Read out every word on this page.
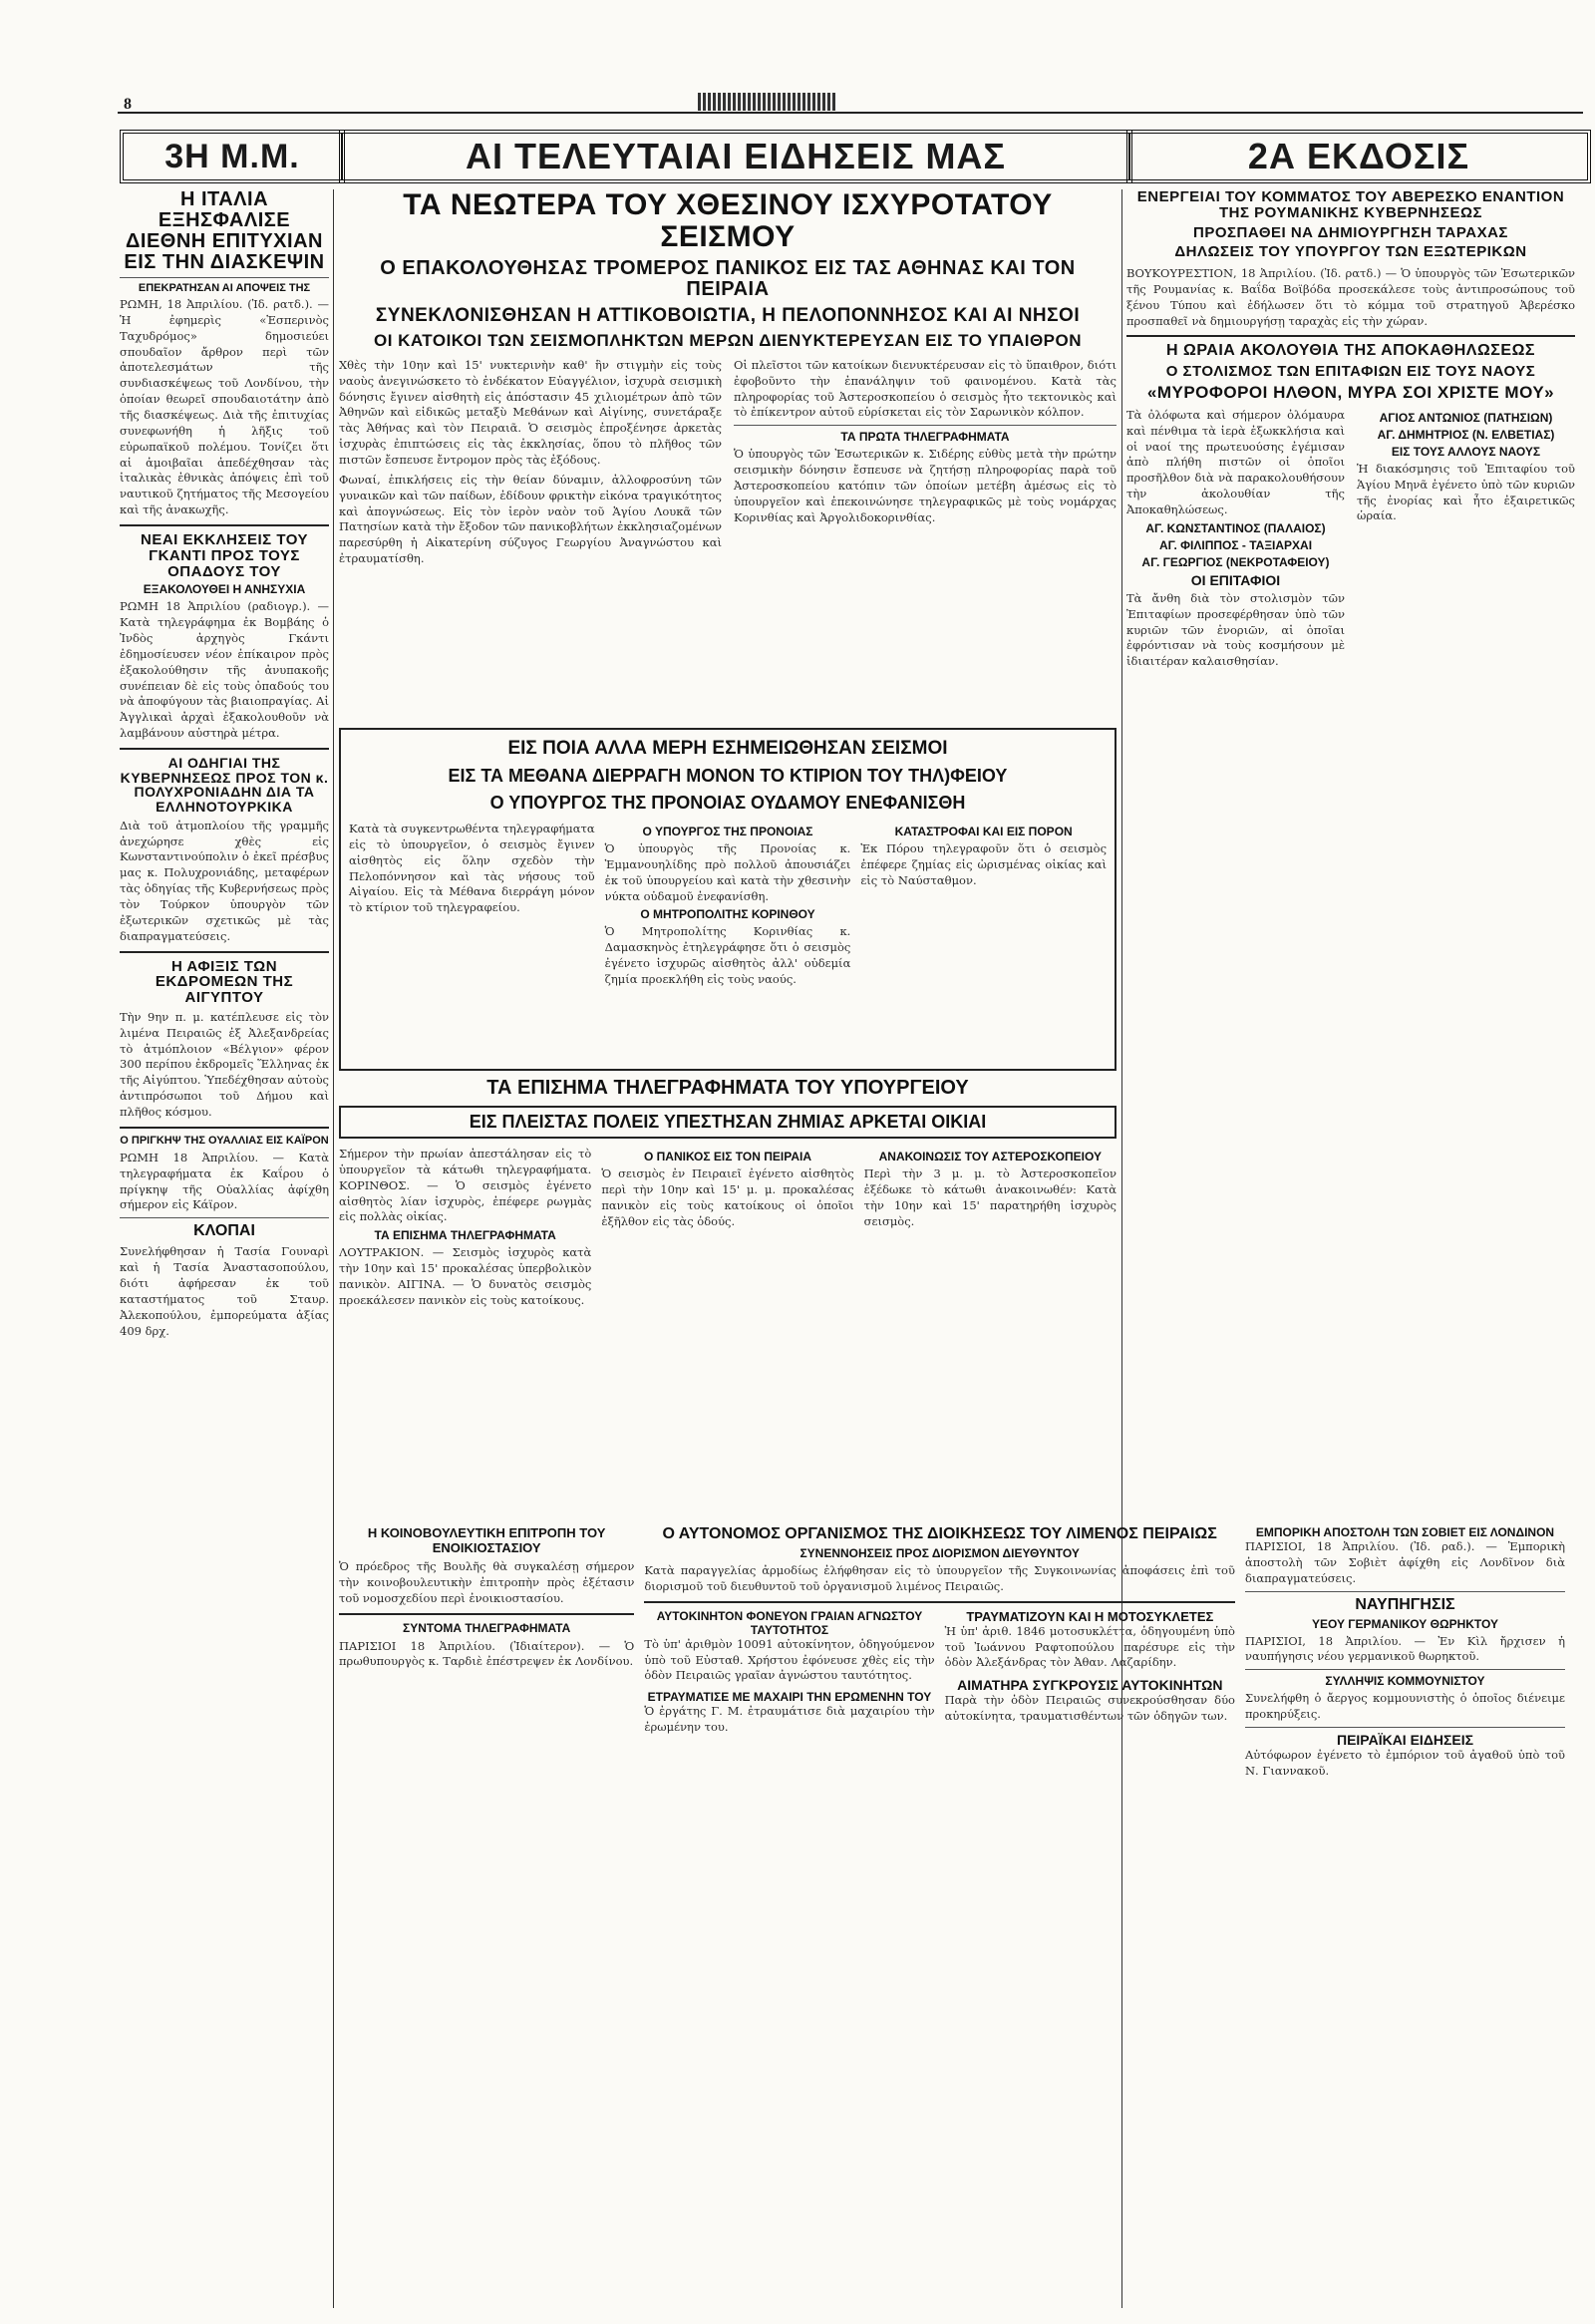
8
3Η Μ.Μ.	ΑΙ ΤΕΛΕΥΤΑΙΑΙ ΕΙΔΗΣΕΙΣ ΜΑΣ	2Α ΕΚΔΟΣΙΣ

Η ΙΤΑΛΙΑ ΕΞΗΣΦΑΛΙΣΕ ΔΙΕΘΝΗ ΕΠΙΤΥΧΙΑΝ ΕΙΣ ΤΗΝ ΔΙΑΣΚΕΨΙΝ

ΕΠΕΚΡΑΤΗΣΑΝ ΑΙ ΑΠΟΨΕΙΣ ΤΗΣ

ΡΩΜΗ, 18 Ἀπριλίου. (Ἰδ. ρατδ.). — Ἡ ἐφημερὶς «Ἑσπερινὸς Ταχυδρόμος» δημοσιεύει σπουδαῖον ἄρθρον περὶ τῶν ἀποτελεσμάτων τῆς συνδιασκέψεως τοῦ Λονδίνου, τὴν ὁποίαν θεωρεῖ σπουδαιοτάτην ἀπὸ τῆς διασκέψεως. Διὰ τῆς ἐπιτυχίας συνεφωνήθη ἡ λῆξις τοῦ εὐρωπαϊκοῦ πολέμου. Τονίζει ὅτι αἱ ἀμοιβαῖαι ἀπεδέχθησαν τὰς ἰταλικὰς ἐθνικὰς ἀπόψεις ἐπὶ τοῦ ναυτικοῦ ζητήματος τῆς Μεσογείου καὶ τῆς ἀνακωχῆς.

ΝΕΑΙ ΕΚΚΛΗΣΕΙΣ ΤΟΥ ΓΚΑΝΤΙ ΠΡΟΣ ΤΟΥΣ ΟΠΑΔΟΥΣ ΤΟΥ

ΕΞΑΚΟΛΟΥΘΕΙ Η ΑΝΗΣΥΧΙΑ

ΡΩΜΗ 18 Ἀπριλίου (ραδιογρ.). — Κατὰ τηλεγράφημα ἐκ Βομβάης ὁ Ἰνδὸς ἀρχηγὸς Γκάντι ἐδημοσίευσεν νέον ἐπίκαιρον πρὸς ἐξακολούθησιν τῆς ἀνυπακοῆς συνέπειαν δὲ εἰς τοὺς ὀπαδούς του νὰ ἀποφύγουν τὰς βιαιοπραγίας. Αἱ Ἀγγλικαὶ ἀρχαὶ ἐξακολουθοῦν νὰ λαμβάνουν αὐστηρὰ μέτρα.

ΑΙ ΟΔΗΓΙΑΙ ΤΗΣ ΚΥΒΕΡΝΗΣΕΩΣ ΠΡΟΣ ΤΟΝ κ. ΠΟΛΥΧΡΟΝΙΑΔΗΝ ΔΙΑ ΤΑ ΕΛΛΗΝΟΤΟΥΡΚΙΚΑ

Διὰ τοῦ ἀτμοπλοίου τῆς γραμμῆς ἀνεχώρησε χθὲς εἰς Κωνσταντινούπολιν ὁ ἐκεῖ πρέσβυς μας κ. Πολυχρονιάδης, μεταφέρων τὰς ὁδηγίας τῆς Κυβερνήσεως πρὸς τὸν Τούρκον ὑπουργὸν τῶν ἐξωτερικῶν σχετικῶς μὲ τὰς διαπραγματεύσεις.

Η ΑΦΙΞΙΣ ΤΩΝ ΕΚΔΡΟΜΕΩΝ ΤΗΣ ΑΙΓΥΠΤΟΥ

Τὴν 9ην π. μ. κατέπλευσε εἰς τὸν λιμένα Πειραιῶς ἐξ Ἀλεξανδρείας τὸ ἀτμόπλοιον «Βέλγιον» φέρον 300 περίπου ἐκδρομεῖς Ἕλληνας ἐκ τῆς Αἰγύπτου. Ὑπεδέχθησαν αὐτοὺς ἀντιπρόσωποι τοῦ Δήμου καὶ πλῆθος κόσμου.

Ο ΠΡΙΓΚΗΨ ΤΗΣ ΟΥΑΛΛΙΑΣ ΕΙΣ ΚΑΪΡΟΝ

ΡΩΜΗ 18 Ἀπριλίου. — Κατὰ τηλεγραφήματα ἐκ Καΐρου ὁ πρίγκηψ τῆς Οὐαλλίας ἀφίχθη σήμερον εἰς Κάϊρον.

ΚΛΟΠΑΙ

Συνελήφθησαν ἡ Τασία Γουναρὶ καὶ ἡ Τασία Ἀναστασοπούλου, διότι ἀφήρεσαν ἐκ τοῦ καταστήματος τοῦ Σταυρ. Ἀλεκοπούλου, ἐμπορεύματα ἀξίας 409 δρχ.

ΤΑ ΝΕΩΤΕΡΑ ΤΟΥ ΧΘΕΣΙΝΟΥ ΙΣΧΥΡΟΤΑΤΟΥ ΣΕΙΣΜΟΥ

Ο ΕΠΑΚΟΛΟΥΘΗΣΑΣ ΤΡΟΜΕΡΟΣ ΠΑΝΙΚΟΣ ΕΙΣ ΤΑΣ ΑΘΗΝΑΣ ΚΑΙ ΤΟΝ ΠΕΙΡΑΙΑ

ΣΥΝΕΚΛΟΝΙΣΘΗΣΑΝ Η ΑΤΤΙΚΟΒΟΙΩΤΙΑ, Η ΠΕΛΟΠΟΝΝΗΣΟΣ ΚΑΙ ΑΙ ΝΗΣΟΙ

ΟΙ ΚΑΤΟΙΚΟΙ ΤΩΝ ΣΕΙΣΜΟΠΛΗΚΤΩΝ ΜΕΡΩΝ ΔΙΕΝΥΚΤΕΡΕΥΣΑΝ ΕΙΣ ΤΟ ΥΠΑΙΘΡΟΝ

Χθὲς τὴν 10ην καὶ 15' νυκτερινὴν καθ' ἣν στιγμὴν εἰς τοὺς ναοὺς ἀνεγινώσκετο τὸ ἐνδέκατον Εὐαγγέλιον, ἰσχυρὰ σεισμικὴ δόνησις ἔγινεν αἰσθητὴ εἰς ἀπόστασιν 45 χιλιομέτρων ἀπὸ τῶν Ἀθηνῶν καὶ εἰδικῶς μεταξὺ Μεθάνων καὶ Αἰγίνης, συνετάραξε τὰς Ἀθήνας καὶ τὸν Πειραιᾶ. Ὁ σεισμὸς ἐπροξένησε ἀρκετὰς ἰσχυρὰς ἐπιπτώσεις εἰς τὰς ἐκκλησίας, ὅπου τὸ πλῆθος τῶν πιστῶν ἔσπευσε ἔντρομον πρὸς τὰς ἐξόδους.

Φωναί, ἐπικλήσεις εἰς τὴν θείαν δύναμιν, ἀλλοφροσύνη τῶν γυναικῶν καὶ τῶν παίδων, ἐδίδουν φρικτὴν εἰκόνα τραγικότητος καὶ ἀπογνώσεως. Εἰς τὸν ἱερὸν ναὸν τοῦ Ἁγίου Λουκᾶ τῶν Πατησίων κατὰ τὴν ἔξοδον τῶν πανικοβλήτων ἐκκλησιαζομένων παρεσύρθη ἡ Αἰκατερίνη σύζυγος Γεωργίου Ἀναγνώστου καὶ ἐτραυματίσθη.

Οἱ πλεῖστοι τῶν κατοίκων διενυκτέρευσαν εἰς τὸ ὕπαιθρον, διότι ἐφοβοῦντο τὴν ἐπανάληψιν τοῦ φαινομένου. Κατὰ τὰς πληροφορίας τοῦ Ἀστεροσκοπείου ὁ σεισμὸς ἦτο τεκτονικὸς καὶ τὸ ἐπίκεντρον αὐτοῦ εὑρίσκεται εἰς τὸν Σαρωνικὸν κόλπον.

ΤΑ ΠΡΩΤΑ ΤΗΛΕΓΡΑΦΗΜΑΤΑ

Ὁ ὑπουργὸς τῶν Ἐσωτερικῶν κ. Σιδέρης εὐθὺς μετὰ τὴν πρώτην σεισμικὴν δόνησιν ἔσπευσε νὰ ζητήσῃ πληροφορίας παρὰ τοῦ Ἀστεροσκοπείου κατόπιν τῶν ὁποίων μετέβη ἀμέσως εἰς τὸ ὑπουργεῖον καὶ ἐπεκοινώνησε τηλεγραφικῶς μὲ τοὺς νομάρχας Κορινθίας καὶ Ἀργολιδοκορινθίας.

ΕΙΣ ΠΟΙΑ ΑΛΛΑ ΜΕΡΗ ΕΣΗΜΕΙΩΘΗΣΑΝ ΣΕΙΣΜΟΙ

ΕΙΣ ΤΑ ΜΕΘΑΝΑ ΔΙΕΡΡΑΓΗ ΜΟΝΟΝ ΤΟ ΚΤΙΡΙΟΝ ΤΟΥ ΤΗΛ)ΦΕΙΟΥ

Ο ΥΠΟΥΡΓΟΣ ΤΗΣ ΠΡΟΝΟΙΑΣ ΟΥΔΑΜΟΥ ΕΝΕΦΑΝΙΣΘΗ

Κατὰ τὰ συγκεντρωθέντα τηλεγραφήματα εἰς τὸ ὑπουργεῖον, ὁ σεισμὸς ἔγινεν αἰσθητὸς εἰς ὅλην σχεδὸν τὴν Πελοπόννησον καὶ τὰς νήσους τοῦ Αἰγαίου. Εἰς τὰ Μέθανα διερράγη μόνον τὸ κτίριον τοῦ τηλεγραφείου.

Ο ΥΠΟΥΡΓΟΣ ΤΗΣ ΠΡΟΝΟΙΑΣ

Ὁ ὑπουργὸς τῆς Προνοίας κ. Ἐμμανουηλίδης πρὸ πολλοῦ ἀπουσιάζει ἐκ τοῦ ὑπουργείου καὶ κατὰ τὴν χθεσινὴν νύκτα οὐδαμοῦ ἐνεφανίσθη.

Ο ΜΗΤΡΟΠΟΛΙΤΗΣ ΚΟΡΙΝΘΟΥ

Ὁ Μητροπολίτης Κορινθίας κ. Δαμασκηνὸς ἐτηλεγράφησε ὅτι ὁ σεισμὸς ἐγένετο ἰσχυρῶς αἰσθητὸς ἀλλ' οὐδεμία ζημία προεκλήθη εἰς τοὺς ναούς.

ΚΑΤΑΣΤΡΟΦΑΙ ΚΑΙ ΕΙΣ ΠΟΡΟΝ

Ἐκ Πόρου τηλεγραφοῦν ὅτι ὁ σεισμὸς ἐπέφερε ζημίας εἰς ὠρισμένας οἰκίας καὶ εἰς τὸ Ναύσταθμον.

ΤΑ ΕΠΙΣΗΜΑ ΤΗΛΕΓΡΑΦΗΜΑΤΑ ΤΟΥ ΥΠΟΥΡΓΕΙΟΥ

ΕΙΣ ΠΛΕΙΣΤΑΣ ΠΟΛΕΙΣ ΥΠΕΣΤΗΣΑΝ ΖΗΜΙΑΣ ΑΡΚΕΤΑΙ ΟΙΚΙΑΙ

Σήμερον τὴν πρωίαν ἀπεστάλησαν εἰς τὸ ὑπουργεῖον τὰ κάτωθι τηλεγραφήματα. ΚΟΡΙΝΘΟΣ. — Ὁ σεισμὸς ἐγένετο αἰσθητὸς λίαν ἰσχυρὸς, ἐπέφερε ρωγμὰς εἰς πολλὰς οἰκίας.

ΤΑ ΕΠΙΣΗΜΑ ΤΗΛΕΓΡΑΦΗΜΑΤΑ

ΛΟΥΤΡΑΚΙΟΝ. — Σεισμὸς ἰσχυρὸς κατὰ τὴν 10ην καὶ 15' προκαλέσας ὑπερβολικὸν πανικὸν. ΑΙΓΙΝΑ. — Ὁ δυνατὸς σεισμὸς προεκάλεσεν πανικὸν εἰς τοὺς κατοίκους.

Ο ΠΑΝΙΚΟΣ ΕΙΣ ΤΟΝ ΠΕΙΡΑΙΑ

Ὁ σεισμὸς ἐν Πειραιεῖ ἐγένετο αἰσθητὸς περὶ τὴν 10ην καὶ 15' μ. μ. προκαλέσας πανικὸν εἰς τοὺς κατοίκους οἱ ὁποῖοι ἐξῆλθον εἰς τὰς ὁδούς.

ΑΝΑΚΟΙΝΩΣΙΣ ΤΟΥ ΑΣΤΕΡΟΣΚΟΠΕΙΟΥ

Περὶ τὴν 3 μ. μ. τὸ Ἀστεροσκοπεῖον ἐξέδωκε τὸ κάτωθι ἀνακοινωθέν: Κατὰ τὴν 10ην καὶ 15' παρατηρήθη ἰσχυρὸς σεισμὸς.

ΕΝΕΡΓΕΙΑΙ ΤΟΥ ΚΟΜΜΑΤΟΣ ΤΟΥ ΑΒΕΡΕΣΚΟ ΕΝΑΝΤΙΟΝ ΤΗΣ ΡΟΥΜΑΝΙΚΗΣ ΚΥΒΕΡΝΗΣΕΩΣ

ΠΡΟΣΠΑΘΕΙ ΝΑ ΔΗΜΙΟΥΡΓΗΣΗ ΤΑΡΑΧΑΣ

ΔΗΛΩΣΕΙΣ ΤΟΥ ΥΠΟΥΡΓΟΥ ΤΩΝ ΕΞΩΤΕΡΙΚΩΝ

ΒΟΥΚΟΥΡΕΣΤΙΟΝ, 18 Ἀπριλίου. (Ἰδ. ρατδ.) — Ὁ ὑπουργὸς τῶν Ἐσωτερικῶν τῆς Ρουμανίας κ. Βαΐδα Βοϊβόδα προσεκάλεσε τοὺς ἀντιπροσώπους τοῦ ξένου Τύπου καὶ ἐδήλωσεν ὅτι τὸ κόμμα τοῦ στρατηγοῦ Ἀβερέσκο προσπαθεῖ νὰ δημιουργήσῃ ταραχὰς εἰς τὴν χώραν.

Η ΩΡΑΙΑ ΑΚΟΛΟΥΘΙΑ ΤΗΣ ΑΠΟΚΑΘΗΛΩΣΕΩΣ

Ο ΣΤΟΛΙΣΜΟΣ ΤΩΝ ΕΠΙΤΑΦΙΩΝ ΕΙΣ ΤΟΥΣ ΝΑΟΥΣ

«ΜΥΡΟΦΟΡΟΙ ΗΛΘΟΝ, ΜΥΡΑ ΣΟΙ ΧΡΙΣΤΕ ΜΟΥ»

Τὰ ὀλόφωτα καὶ σήμερον ὀλόμαυρα καὶ πένθιμα τὰ ἱερὰ ἐξωκκλήσια καὶ οἱ ναοί της πρωτευούσης ἐγέμισαν ἀπὸ πλήθη πιστῶν οἱ ὁποῖοι προσῆλθον διὰ νὰ παρακολουθήσουν τὴν ἀκολουθίαν τῆς Ἀποκαθηλώσεως.

ΑΓ. ΚΩΝΣΤΑΝΤΙΝΟΣ (ΠΑΛΑΙΟΣ)

ΑΓ. ΦΙΛΙΠΠΟΣ - ΤΑΞΙΑΡΧΑΙ

ΑΓ. ΓΕΩΡΓΙΟΣ (ΝΕΚΡΟΤΑΦΕΙΟΥ)

ΟΙ ΕΠΙΤΑΦΙΟΙ

Τὰ ἄνθη διὰ τὸν στολισμὸν τῶν Ἐπιταφίων προσεφέρθησαν ὑπὸ τῶν κυριῶν τῶν ἐνοριῶν, αἱ ὁποῖαι ἐφρόντισαν νὰ τοὺς κοσμήσουν μὲ ἰδιαιτέραν καλαισθησίαν.

ΑΓΙΟΣ ΑΝΤΩΝΙΟΣ (ΠΑΤΗΣΙΩΝ)

ΑΓ. ΔΗΜΗΤΡΙΟΣ (Ν. ΕΛΒΕΤΙΑΣ)

ΕΙΣ ΤΟΥΣ ΑΛΛΟΥΣ ΝΑΟΥΣ

Ἡ διακόσμησις τοῦ Ἐπιταφίου τοῦ Ἁγίου Μηνᾶ ἐγένετο ὑπὸ τῶν κυριῶν τῆς ἐνορίας καὶ ἦτο ἐξαιρετικῶς ὡραία.

Η ΚΟΙΝΟΒΟΥΛΕΥΤΙΚΗ ΕΠΙΤΡΟΠΗ ΤΟΥ ΕΝΟΙΚΙΟΣΤΑΣΙΟΥ

Ὁ πρόεδρος τῆς Βουλῆς θὰ συγκαλέσῃ σήμερον τὴν κοινοβουλευτικὴν ἐπιτροπὴν πρὸς ἐξέτασιν τοῦ νομοσχεδίου περὶ ἐνοικιοστασίου.

ΣΥΝΤΟΜΑ ΤΗΛΕΓΡΑΦΗΜΑΤΑ

ΠΑΡΙΣΙΟΙ 18 Ἀπριλίου. (Ἰδιαίτερον). — Ὁ πρωθυπουργὸς κ. Ταρδιὲ ἐπέστρεψεν ἐκ Λονδίνου.

Ο ΑΥΤΟΝΟΜΟΣ ΟΡΓΑΝΙΣΜΟΣ ΤΗΣ ΔΙΟΙΚΗΣΕΩΣ ΤΟΥ ΛΙΜΕΝΟΣ ΠΕΙΡΑΙΩΣ

ΣΥΝΕΝΝΟΗΣΕΙΣ ΠΡΟΣ ΔΙΟΡΙΣΜΟΝ ΔΙΕΥΘΥΝΤΟΥ

Κατὰ παραγγελίας ἀρμοδίως ἐλήφθησαν εἰς τὸ ὑπουργεῖον τῆς Συγκοινωνίας ἀποφάσεις ἐπὶ τοῦ διορισμοῦ τοῦ διευθυντοῦ τοῦ ὀργανισμοῦ λιμένος Πειραιῶς.

ΑΥΤΟΚΙΝΗΤΟΝ ΦΟΝΕΥΟΝ ΓΡΑΙΑΝ ΑΓΝΩΣΤΟΥ ΤΑΥΤΟΤΗΤΟΣ

Τὸ ὑπ' ἀριθμὸν 10091 αὐτοκίνητον, ὁδηγούμενον ὑπὸ τοῦ Εὐσταθ. Χρήστου ἐφόνευσε χθὲς εἰς τὴν ὁδὸν Πειραιῶς γραῖαν ἀγνώστου ταυτότητος.

ΕΤΡΑΥΜΑΤΙΣΕ ΜΕ ΜΑΧΑΙΡΙ ΤΗΝ ΕΡΩΜΕΝΗΝ ΤΟΥ

Ὁ ἐργάτης Γ. Μ. ἐτραυμάτισε διὰ μαχαιρίου τὴν ἐρωμένην του.

ΤΡΑΥΜΑΤΙΖΟΥΝ ΚΑΙ Η ΜΟΤΟΣΥΚΛΕΤΕΣ

Ἡ ὑπ' ἀριθ. 1846 μοτοσυκλέττα, ὁδηγουμένη ὑπὸ τοῦ Ἰωάννου Ραφτοπούλου παρέσυρε εἰς τὴν ὁδὸν Ἀλεξάνδρας τὸν Ἀθαν. Λαζαρίδην.

ΑΙΜΑΤΗΡΑ ΣΥΓΚΡΟΥΣΙΣ ΑΥΤΟΚΙΝΗΤΩΝ

Παρὰ τὴν ὁδὸν Πειραιῶς συνεκρούσθησαν δύο αὐτοκίνητα, τραυματισθέντων τῶν ὁδηγῶν των.

ΕΜΠΟΡΙΚΗ ΑΠΟΣΤΟΛΗ ΤΩΝ ΣΟΒΙΕΤ ΕΙΣ ΛΟΝΔΙΝΟΝ

ΠΑΡΙΣΙΟΙ, 18 Ἀπριλίου. (Ἰδ. ραδ.). — Ἐμπορικὴ ἀποστολὴ τῶν Σοβιὲτ ἀφίχθη εἰς Λονδῖνον διὰ διαπραγματεύσεις.

ΝΑΥΠΗΓΗΣΙΣ

ΥΕΟΥ ΓΕΡΜΑΝΙΚΟΥ ΘΩΡΗΚΤΟΥ

ΠΑΡΙΣΙΟΙ, 18 Ἀπριλίου. — Ἐν Κὶλ ἤρχισεν ἡ ναυπήγησις νέου γερμανικοῦ θωρηκτοῦ.

ΣΥΛΛΗΨΙΣ ΚΟΜΜΟΥΝΙΣΤΟΥ

Συνελήφθη ὁ ἄεργος κομμουνιστὴς ὁ ὁποῖος διένειμε προκηρύξεις.

ΠΕΙΡΑΪΚΑΙ ΕΙΔΗΣΕΙΣ

Αὐτόφωρον ἐγένετο τὸ ἐμπόριον τοῦ ἀγαθοῦ ὑπὸ τοῦ Ν. Γιαννακοῦ.
